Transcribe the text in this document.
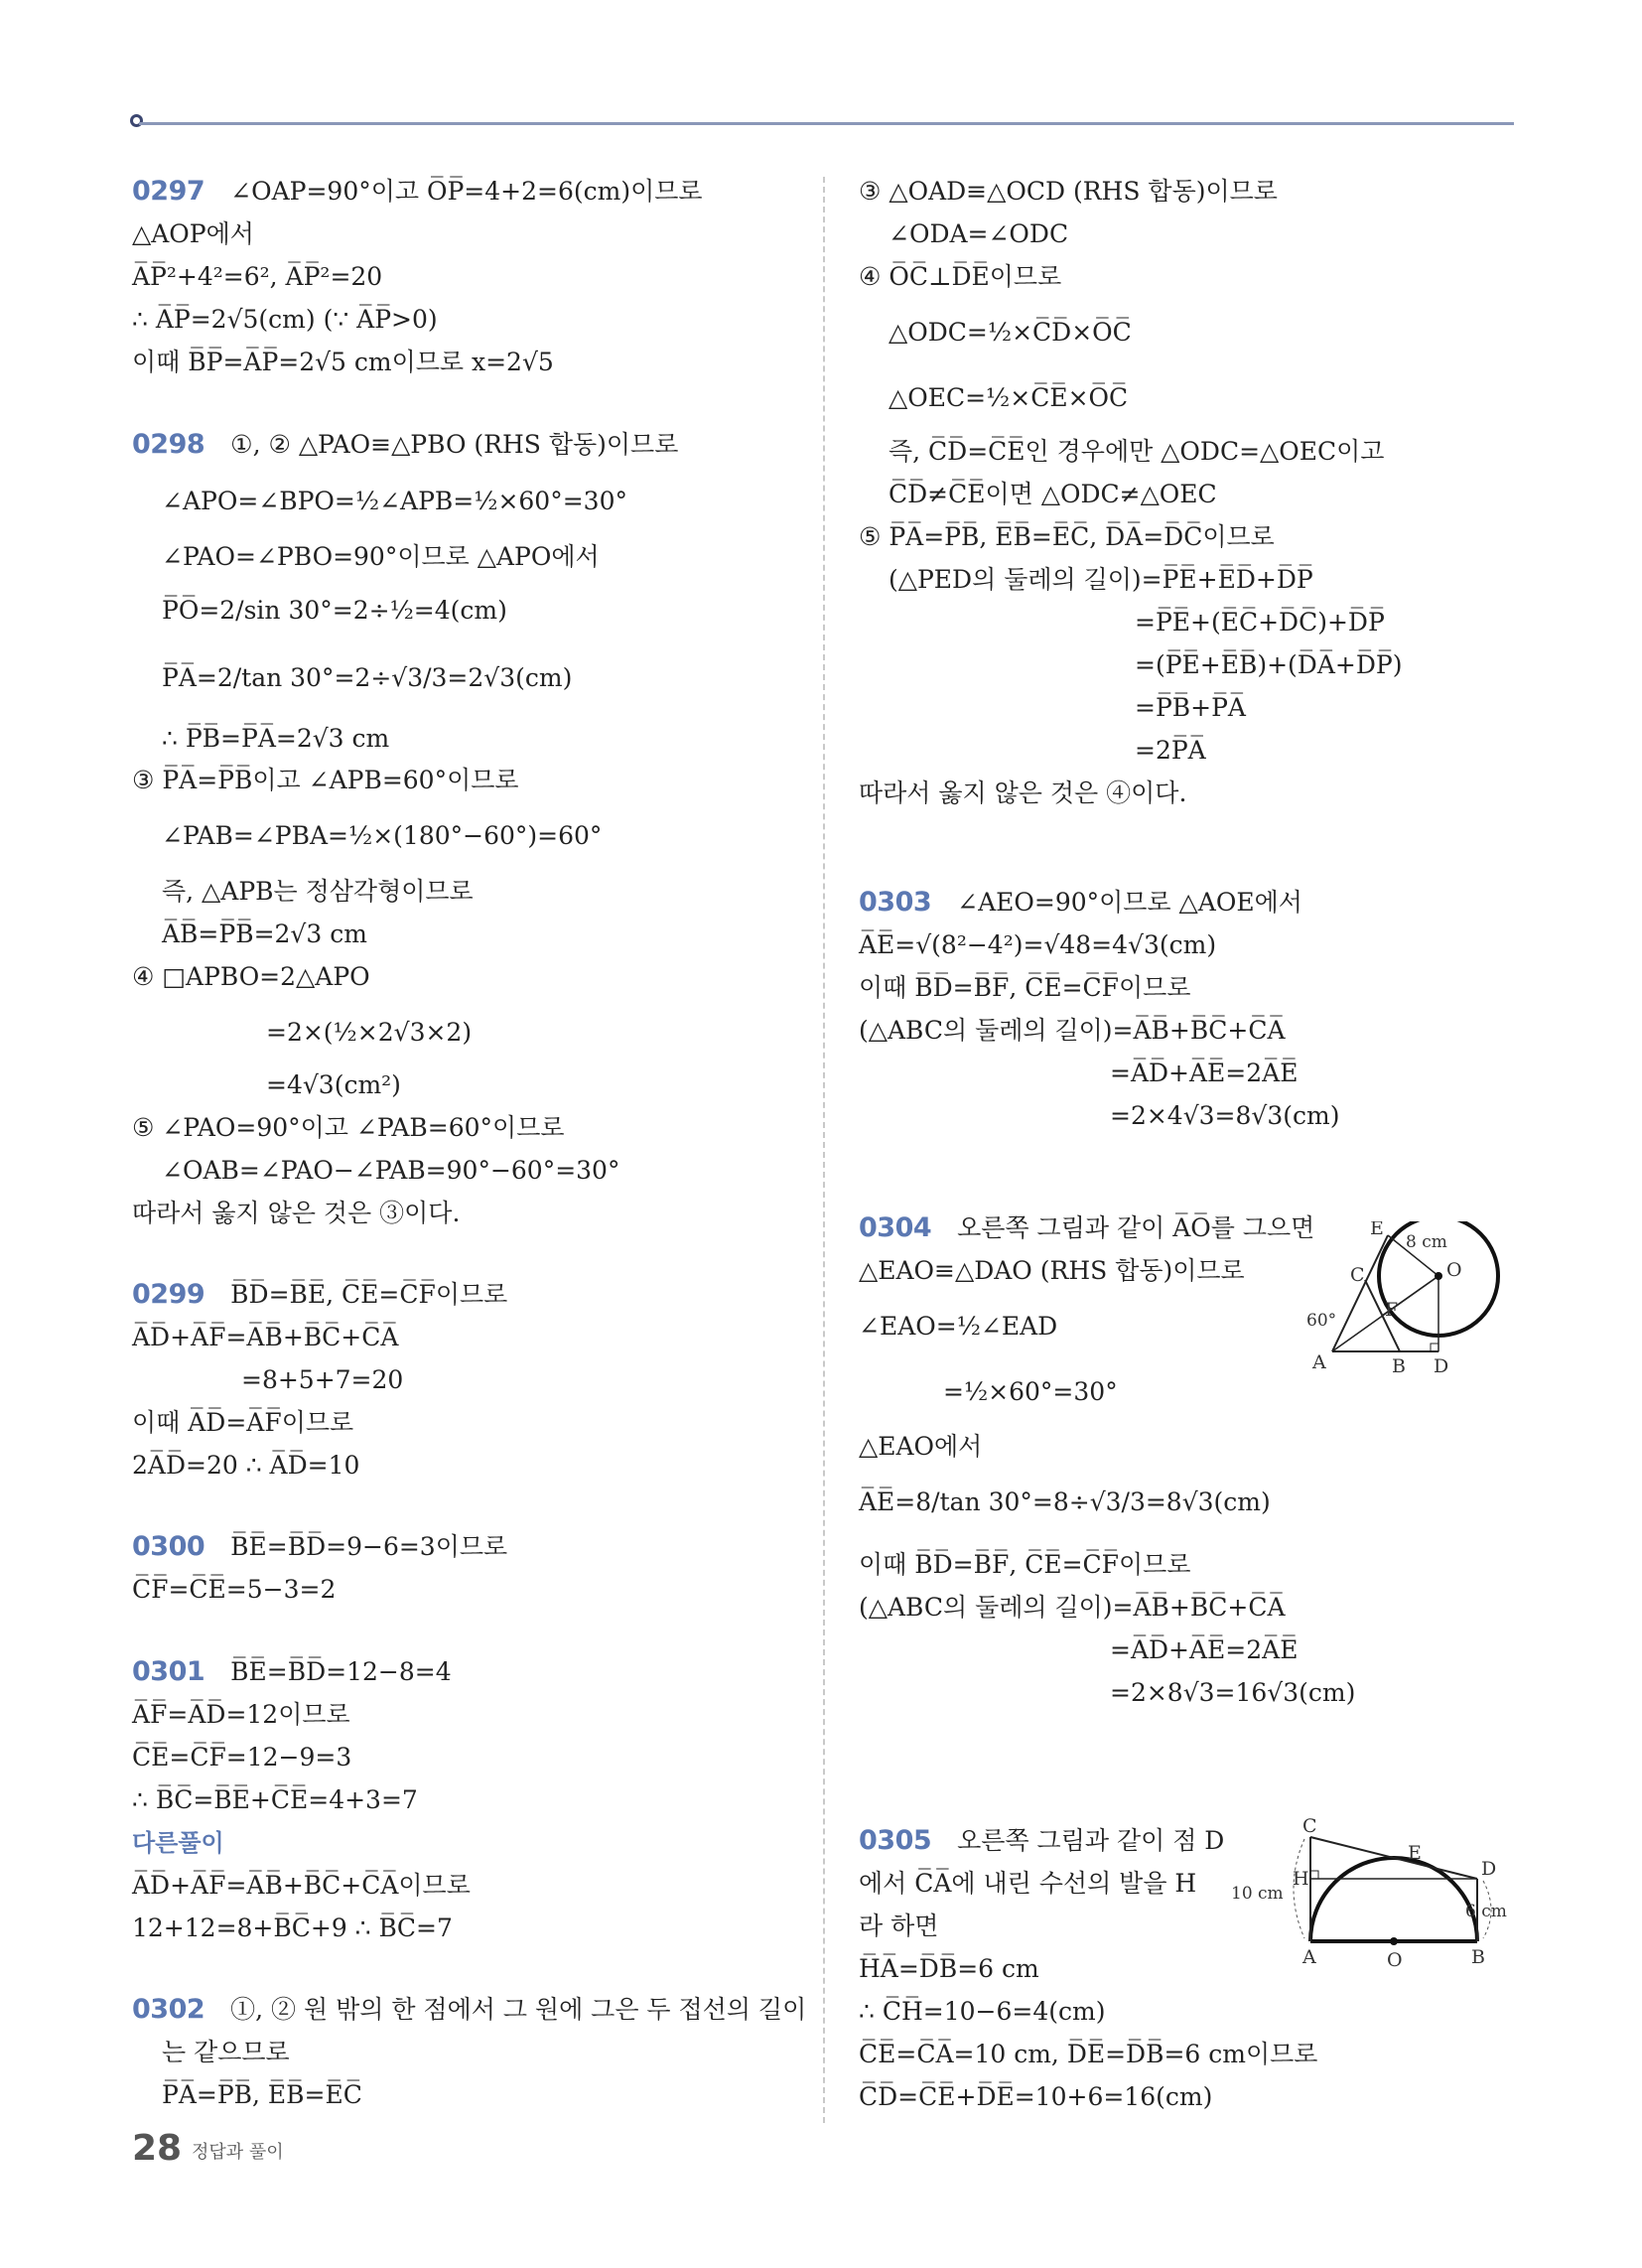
0297 ∠OAP=90°이고 O̅P̅=4+2=6(cm)이므로
△AOP에서
A̅P̅²+4²=6², A̅P̅²=20
∴ A̅P̅=2√5(cm) (∵ A̅P̅>0)
이때 B̅P̅=A̅P̅=2√5 cm이므로 x=2√5
0298 ①, ② △PAO≡△PBO (RHS 합동)이므로
∠APO=∠BPO=½∠APB=½×60°=30°
∠PAO=∠PBO=90°이므로 △APO에서
P̅O̅=2/sin 30°=2÷½=4(cm)
P̅A̅=2/tan 30°=2÷√3/3=2√3(cm)
∴ P̅B̅=P̅A̅=2√3 cm
③ P̅A̅=P̅B̅이고 ∠APB=60°이므로
∠PAB=∠PBA=½×(180°−60°)=60°
즉, △APB는 정삼각형이므로
A̅B̅=P̅B̅=2√3 cm
④ □APBO=2△APO
=2×(½×2√3×2)
=4√3(cm²)
⑤ ∠PAO=90°이고 ∠PAB=60°이므로
∠OAB=∠PAO−∠PAB=90°−60°=30°
따라서 옳지 않은 것은 ③이다.
0299 B̅D̅=B̅E̅, C̅E̅=C̅F̅이므로
A̅D̅+A̅F̅=A̅B̅+B̅C̅+C̅A̅
=8+5+7=20
이때 A̅D̅=A̅F̅이므로
2A̅D̅=20 ∴ A̅D̅=10
0300 B̅E̅=B̅D̅=9−6=3이므로
C̅F̅=C̅E̅=5−3=2
0301 B̅E̅=B̅D̅=12−8=4
A̅F̅=A̅D̅=12이므로
C̅E̅=C̅F̅=12−9=3
∴ B̅C̅=B̅E̅+C̅E̅=4+3=7
다른풀이
A̅D̅+A̅F̅=A̅B̅+B̅C̅+C̅A̅이므로
12+12=8+B̅C̅+9 ∴ B̅C̅=7
0302 ①, ② 원 밖의 한 점에서 그 원에 그은 두 접선의 길이
는 같으므로
P̅A̅=P̅B̅, E̅B̅=E̅C̅
③ △OAD≡△OCD (RHS 합동)이므로
∠ODA=∠ODC
④ O̅C̅⊥D̅E̅이므로
△ODC=½×C̅D̅×O̅C̅
△OEC=½×C̅E̅×O̅C̅
즉, C̅D̅=C̅E̅인 경우에만 △ODC=△OEC이고
C̅D̅≠C̅E̅이면 △ODC≠△OEC
⑤ P̅A̅=P̅B̅, E̅B̅=E̅C̅, D̅A̅=D̅C̅이므로
(△PED의 둘레의 길이)=P̅E̅+E̅D̅+D̅P̅
=P̅E̅+(E̅C̅+D̅C̅)+D̅P̅
=(P̅E̅+E̅B̅)+(D̅A̅+D̅P̅)
=P̅B̅+P̅A̅
=2P̅A̅
따라서 옳지 않은 것은 ④이다.
0303 ∠AEO=90°이므로 △AOE에서
A̅E̅=√(8²−4²)=√48=4√3(cm)
이때 B̅D̅=B̅F̅, C̅E̅=C̅F̅이므로
(△ABC의 둘레의 길이)=A̅B̅+B̅C̅+C̅A̅
=A̅D̅+A̅E̅=2A̅E̅
=2×4√3=8√3(cm)
0304 오른쪽 그림과 같이 A̅O̅를 그으면
△EAO≡△DAO (RHS 합동)이므로
∠EAO=½∠EAD
=½×60°=30°
△EAO에서
A̅E̅=8/tan 30°=8÷√3/3=8√3(cm)
이때 B̅D̅=B̅F̅, C̅E̅=C̅F̅이므로
(△ABC의 둘레의 길이)=A̅B̅+B̅C̅+C̅A̅
=A̅D̅+A̅E̅=2A̅E̅
=2×8√3=16√3(cm)
0305 오른쪽 그림과 같이 점 D
에서 C̅A̅에 내린 수선의 발을 H
라 하면
H̅A̅=D̅B̅=6 cm
∴ C̅H̅=10−6=4(cm)
C̅E̅=C̅A̅=10 cm, D̅E̅=D̅B̅=6 cm이므로
C̅D̅=C̅E̅+D̅E̅=10+6=16(cm)
E
C
F
A	B D
O
8 cm
60°
C
E
D
H
A	O	B
10 cm
6 cm
28 정답과 풀이
